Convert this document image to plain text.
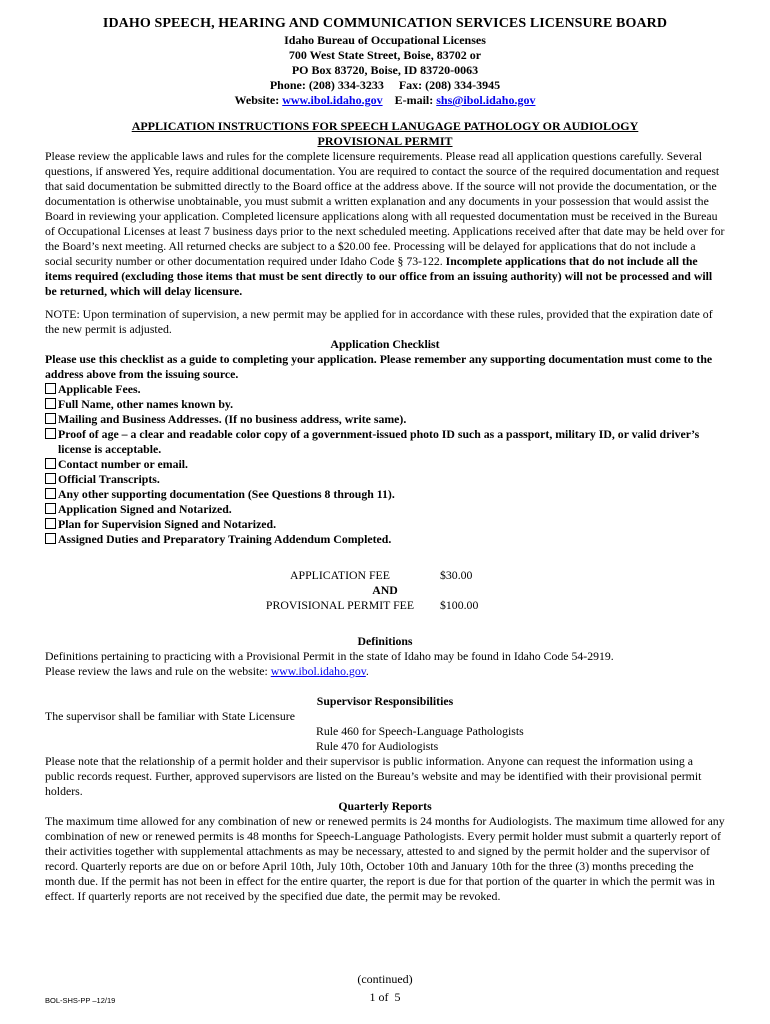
IDAHO SPEECH, HEARING AND COMMUNICATION SERVICES LICENSURE BOARD
Idaho Bureau of Occupational Licenses
700 West State Street, Boise, 83702 or
PO Box 83720, Boise, ID 83720-0063
Phone: (208) 334-3233     Fax: (208) 334-3945
Website: www.ibol.idaho.gov E-mail: shs@ibol.idaho.gov
APPLICATION INSTRUCTIONS FOR SPEECH LANUGAGE PATHOLOGY OR AUDIOLOGY
PROVISIONAL PERMIT

Please review the applicable laws and rules for the complete licensure requirements. Please read all application questions carefully. Several questions, if answered Yes, require additional documentation. You are required to contact the source of the required documentation and request that said documentation be submitted directly to the Board office at the address above. If the source will not provide the documentation, or the documentation is otherwise unobtainable, you must submit a written explanation and any documents in your possession that would assist the Board in reviewing your application. Completed licensure applications along with all requested documentation must be received in the Bureau of Occupational Licenses at least 7 business days prior to the next scheduled meeting. Applications received after that date may be held over for the Board’s next meeting. All returned checks are subject to a $20.00 fee. Processing will be delayed for applications that do not include a social security number or other documentation required under Idaho Code § 73-122. Incomplete applications that do not include all the items required (excluding those items that must be sent directly to our office from an issuing authority) will not be processed and will be returned, which will delay licensure.

NOTE: Upon termination of supervision, a new permit may be applied for in accordance with these rules, provided that the expiration date of the new permit is adjusted.

Application Checklist

Please use this checklist as a guide to completing your application. Please remember any supporting documentation must come to the address above from the issuing source.

Applicable Fees.
Full Name, other names known by.
Mailing and Business Addresses. (If no business address, write same).
Proof of age – a clear and readable color copy of a government-issued photo ID such as a passport, military ID, or valid driver’s license is acceptable.
Contact number or email.
Official Transcripts.
Any other supporting documentation (See Questions 8 through 11).
Application Signed and Notarized.
Plan for Supervision Signed and Notarized.
Assigned Duties and Preparatory Training Addendum Completed.
APPLICATION FEE	$30.00
AND
PROVISIONAL PERMIT FEE	$100.00
Definitions

Definitions pertaining to practicing with a Provisional Permit in the state of Idaho may be found in Idaho Code 54-2919.

Please review the laws and rule on the website: www.ibol.idaho.gov.

Supervisor Responsibilities

The supervisor shall be familiar with State Licensure

Rule 460 for Speech-Language Pathologists

Rule 470 for Audiologists

Please note that the relationship of a permit holder and their supervisor is public information. Anyone can request the information using a public records request. Further, approved supervisors are listed on the Bureau’s website and may be identified with their provisional permit holders.

Quarterly Reports

The maximum time allowed for any combination of new or renewed permits is 24 months for Audiologists. The maximum time allowed for any combination of new or renewed permits is 48 months for Speech-Language Pathologists. Every permit holder must submit a quarterly report of their activities together with supplemental attachments as may be necessary, attested to and signed by the permit holder and the supervisor of record. Quarterly reports are due on or before April 10th, July 10th, October 10th and January 10th for the three (3) months preceding the month due. If the permit has not been in effect for the entire quarter, the report is due for that portion of the quarter in which the permit was in effect. If quarterly reports are not received by the specified due date, the permit may be revoked.

(continued)
1 of  5
BOL-SHS-PP –12/19
